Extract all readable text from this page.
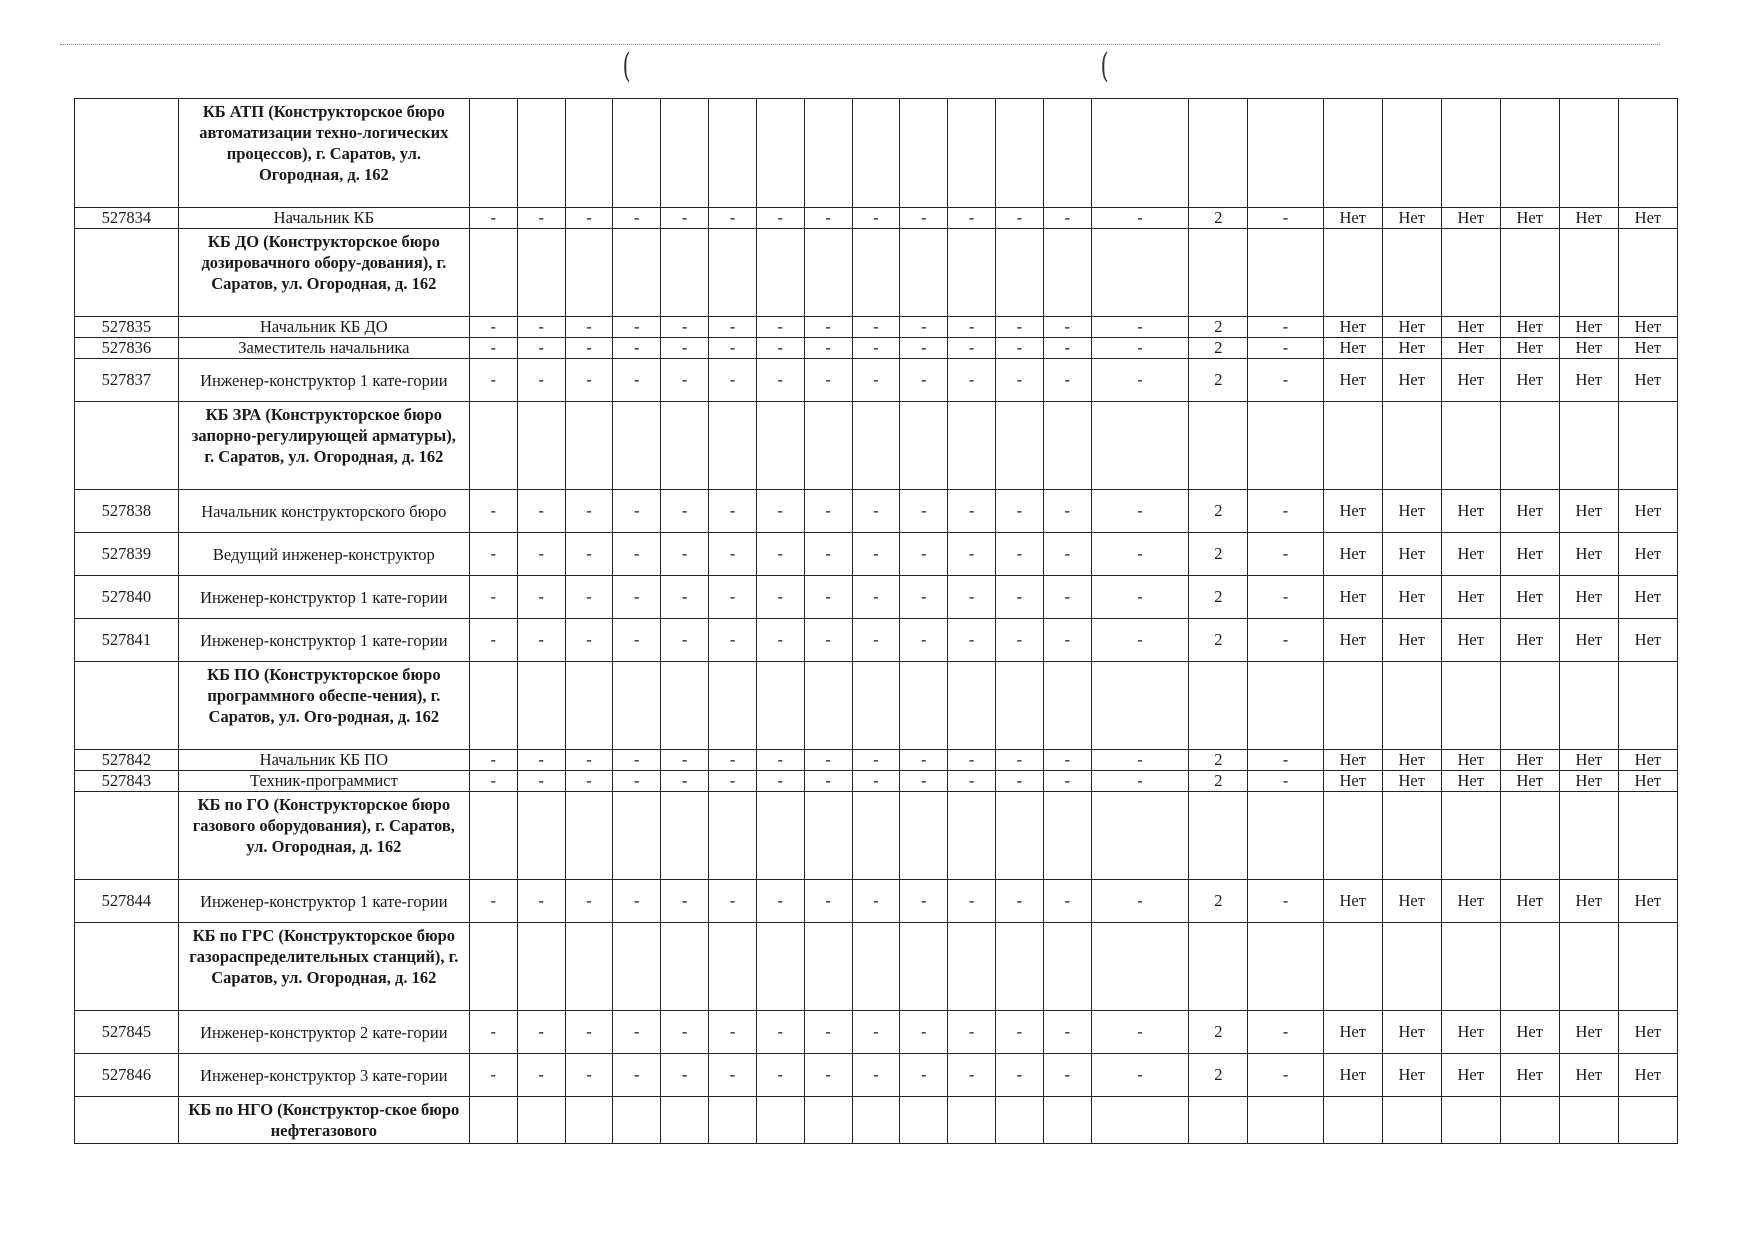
(	(
	КБ АТП (Конструкторское бюро автоматизации техно-логических процессов), г. Саратов, ул. Огородная, д. 162																						
527834	Начальник КБ	-	-	-	-	-	-	-	-	-	-	-	-	-	-	2	-	Нет	Нет	Нет	Нет	Нет	Нет
	КБ ДО (Конструкторское бюро дозировачного обору-дования), г. Саратов, ул. Огородная, д. 162																						
527835	Начальник КБ ДО	-	-	-	-	-	-	-	-	-	-	-	-	-	-	2	-	Нет	Нет	Нет	Нет	Нет	Нет
527836	Заместитель начальника	-	-	-	-	-	-	-	-	-	-	-	-	-	-	2	-	Нет	Нет	Нет	Нет	Нет	Нет
527837	Инженер-конструктор 1 кате-гории	-	-	-	-	-	-	-	-	-	-	-	-	-	-	2	-	Нет	Нет	Нет	Нет	Нет	Нет
	КБ ЗРА (Конструкторское бюро запорно-регулирующей арматуры), г. Саратов, ул. Огородная, д. 162																						
527838	Начальник конструкторского бюро	-	-	-	-	-	-	-	-	-	-	-	-	-	-	2	-	Нет	Нет	Нет	Нет	Нет	Нет
527839	Ведущий инженер-конструктор	-	-	-	-	-	-	-	-	-	-	-	-	-	-	2	-	Нет	Нет	Нет	Нет	Нет	Нет
527840	Инженер-конструктор 1 кате-гории	-	-	-	-	-	-	-	-	-	-	-	-	-	-	2	-	Нет	Нет	Нет	Нет	Нет	Нет
527841	Инженер-конструктор 1 кате-гории	-	-	-	-	-	-	-	-	-	-	-	-	-	-	2	-	Нет	Нет	Нет	Нет	Нет	Нет
	КБ ПО (Конструкторское бюро программного обеспе-чения), г. Саратов, ул. Ого-родная, д. 162																						
527842	Начальник КБ ПО	-	-	-	-	-	-	-	-	-	-	-	-	-	-	2	-	Нет	Нет	Нет	Нет	Нет	Нет
527843	Техник-программист	-	-	-	-	-	-	-	-	-	-	-	-	-	-	2	-	Нет	Нет	Нет	Нет	Нет	Нет
	КБ по ГО (Конструкторское бюро газового оборудования), г. Саратов, ул. Огородная, д. 162																						
527844	Инженер-конструктор 1 кате-гории	-	-	-	-	-	-	-	-	-	-	-	-	-	-	2	-	Нет	Нет	Нет	Нет	Нет	Нет
	КБ по ГРС (Конструкторское бюро газораспределительных станций), г. Саратов, ул. Огородная, д. 162																						
527845	Инженер-конструктор 2 кате-гории	-	-	-	-	-	-	-	-	-	-	-	-	-	-	2	-	Нет	Нет	Нет	Нет	Нет	Нет
527846	Инженер-конструктор 3 кате-гории	-	-	-	-	-	-	-	-	-	-	-	-	-	-	2	-	Нет	Нет	Нет	Нет	Нет	Нет
	КБ по НГО (Конструктор-ское бюро нефтегазового																						
